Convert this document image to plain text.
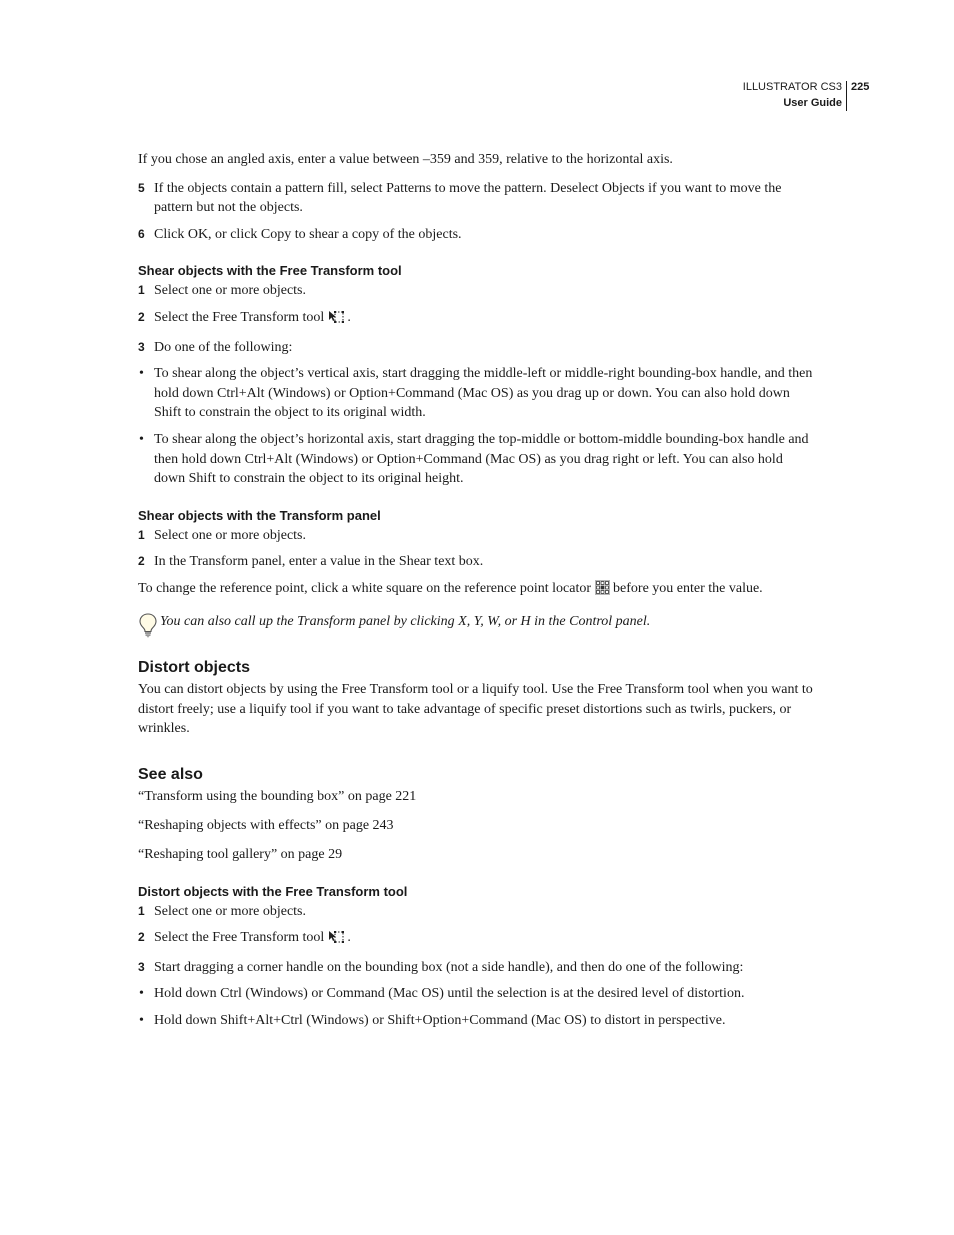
ILLUSTRATOR CS3
User Guide
225

If you chose an angled axis, enter a value between –359 and 359, relative to the horizontal axis.

5 If the objects contain a pattern fill, select Patterns to move the pattern. Deselect Objects if you want to move the pattern but not the objects.
6 Click OK, or click Copy to shear a copy of the objects.
Shear objects with the Free Transform tool
1 Select one or more objects.
2 Select the Free Transform tool .
3 Do one of the following:
• To shear along the object’s vertical axis, start dragging the middle-left or middle-right bounding-box handle, and then hold down Ctrl+Alt (Windows) or Option+Command (Mac OS) as you drag up or down. You can also hold down Shift to constrain the object to its original width.
• To shear along the object’s horizontal axis, start dragging the top-middle or bottom-middle bounding-box handle and then hold down Ctrl+Alt (Windows) or Option+Command (Mac OS) as you drag right or left. You can also hold down Shift to constrain the object to its original height.
Shear objects with the Transform panel
1 Select one or more objects.
2 In the Transform panel, enter a value in the Shear text box.

To change the reference point, click a white square on the reference point locator before you enter the value.

You can also call up the Transform panel by clicking X, Y, W, or H in the Control panel.

Distort objects

You can distort objects by using the Free Transform tool or a liquify tool. Use the Free Transform tool when you want to distort freely; use a liquify tool if you want to take advantage of specific preset distortions such as twirls, puckers, or wrinkles.

See also

“Transform using the bounding box” on page 221

“Reshaping objects with effects” on page 243

“Reshaping tool gallery” on page 29

Distort objects with the Free Transform tool
1 Select one or more objects.
2 Select the Free Transform tool .
3 Start dragging a corner handle on the bounding box (not a side handle), and then do one of the following:
• Hold down Ctrl (Windows) or Command (Mac OS) until the selection is at the desired level of distortion.
• Hold down Shift+Alt+Ctrl (Windows) or Shift+Option+Command (Mac OS) to distort in perspective.
